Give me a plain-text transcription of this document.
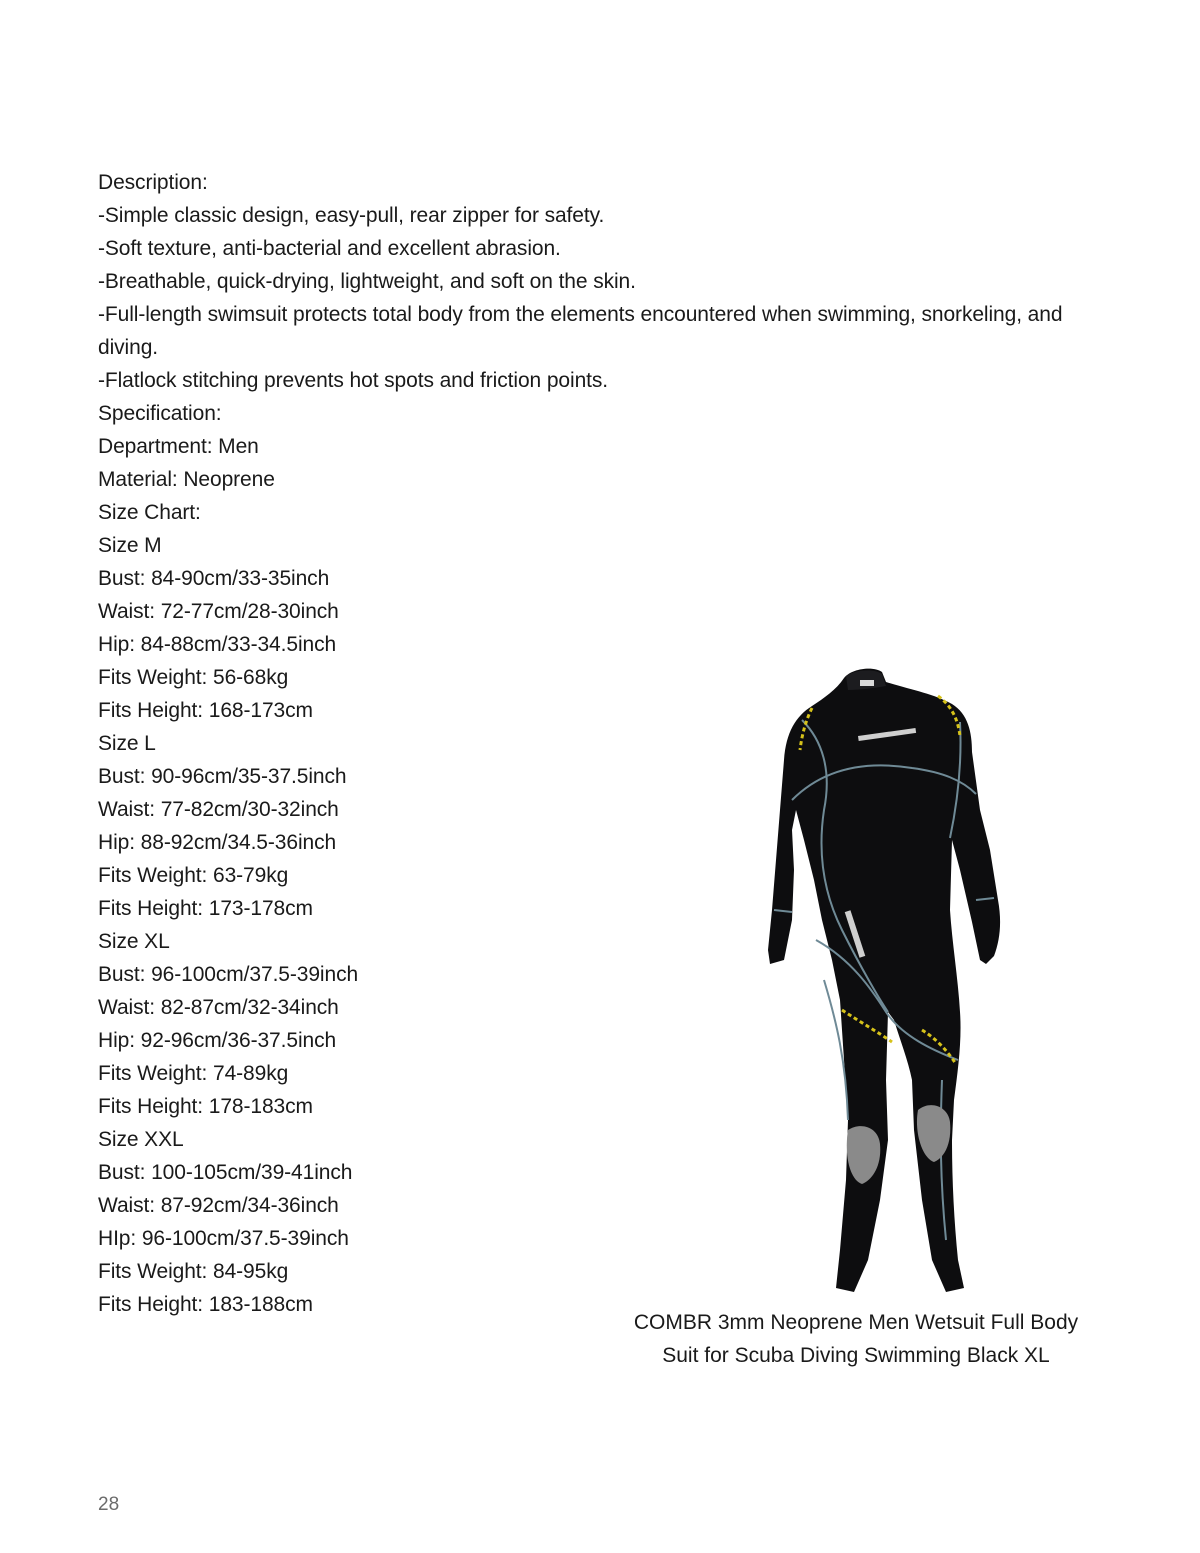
Description:
-Simple classic design, easy-pull, rear zipper for safety.
-Soft texture, anti-bacterial and excellent abrasion.
-Breathable, quick-drying, lightweight, and soft on the skin.
-Full-length swimsuit protects total body from the elements encountered when swimming, snorkeling, and diving.
-Flatlock stitching prevents hot spots and friction points.
Specification:
Department: Men
Material: Neoprene
Size Chart:
Size M
Bust: 84-90cm/33-35inch
Waist: 72-77cm/28-30inch
Hip: 84-88cm/33-34.5inch
Fits Weight: 56-68kg
Fits Height: 168-173cm
Size L
Bust: 90-96cm/35-37.5inch
Waist: 77-82cm/30-32inch
Hip: 88-92cm/34.5-36inch
Fits Weight: 63-79kg
Fits Height: 173-178cm
Size XL
Bust: 96-100cm/37.5-39inch
Waist: 82-87cm/32-34inch
Hip: 92-96cm/36-37.5inch
Fits Weight: 74-89kg
Fits Height: 178-183cm
Size XXL
Bust: 100-105cm/39-41inch
Waist: 87-92cm/34-36inch
HIp: 96-100cm/37.5-39inch
Fits Weight: 84-95kg
Fits Height: 183-188cm
COMBR 3mm Neoprene Men Wetsuit Full Body Suit for Scuba Diving Swimming Black XL
28
